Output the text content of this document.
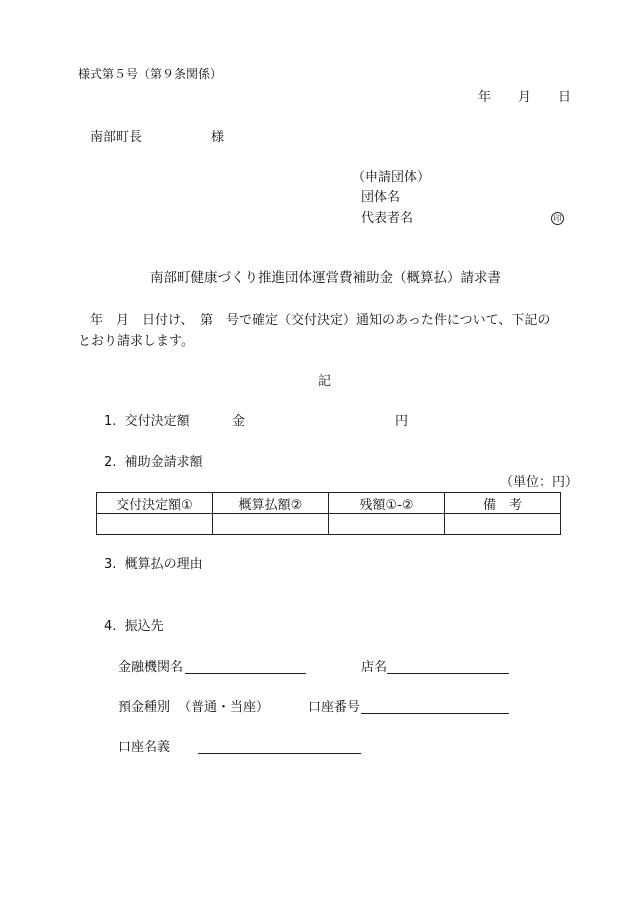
様式第５号（第９条関係）
年 月 日
南部町長	様
（申請団体）
団体名
代表者名	印
南部町健康づくり推進団体運営費補助金（概算払）請求書
年　月　日付け、　第　号で確定（交付決定）通知のあった件について、下記の
とおり請求します。
記
1.  交付決定額	金	円
2.  補助金請求額
（単位：円）
交付決定額①	概算払額②	残額①-②	備　考

3.  概算払の理由
4.  振込先
金融機関名	店名
預金種別 （普通・当座）	口座番号
口座名義
